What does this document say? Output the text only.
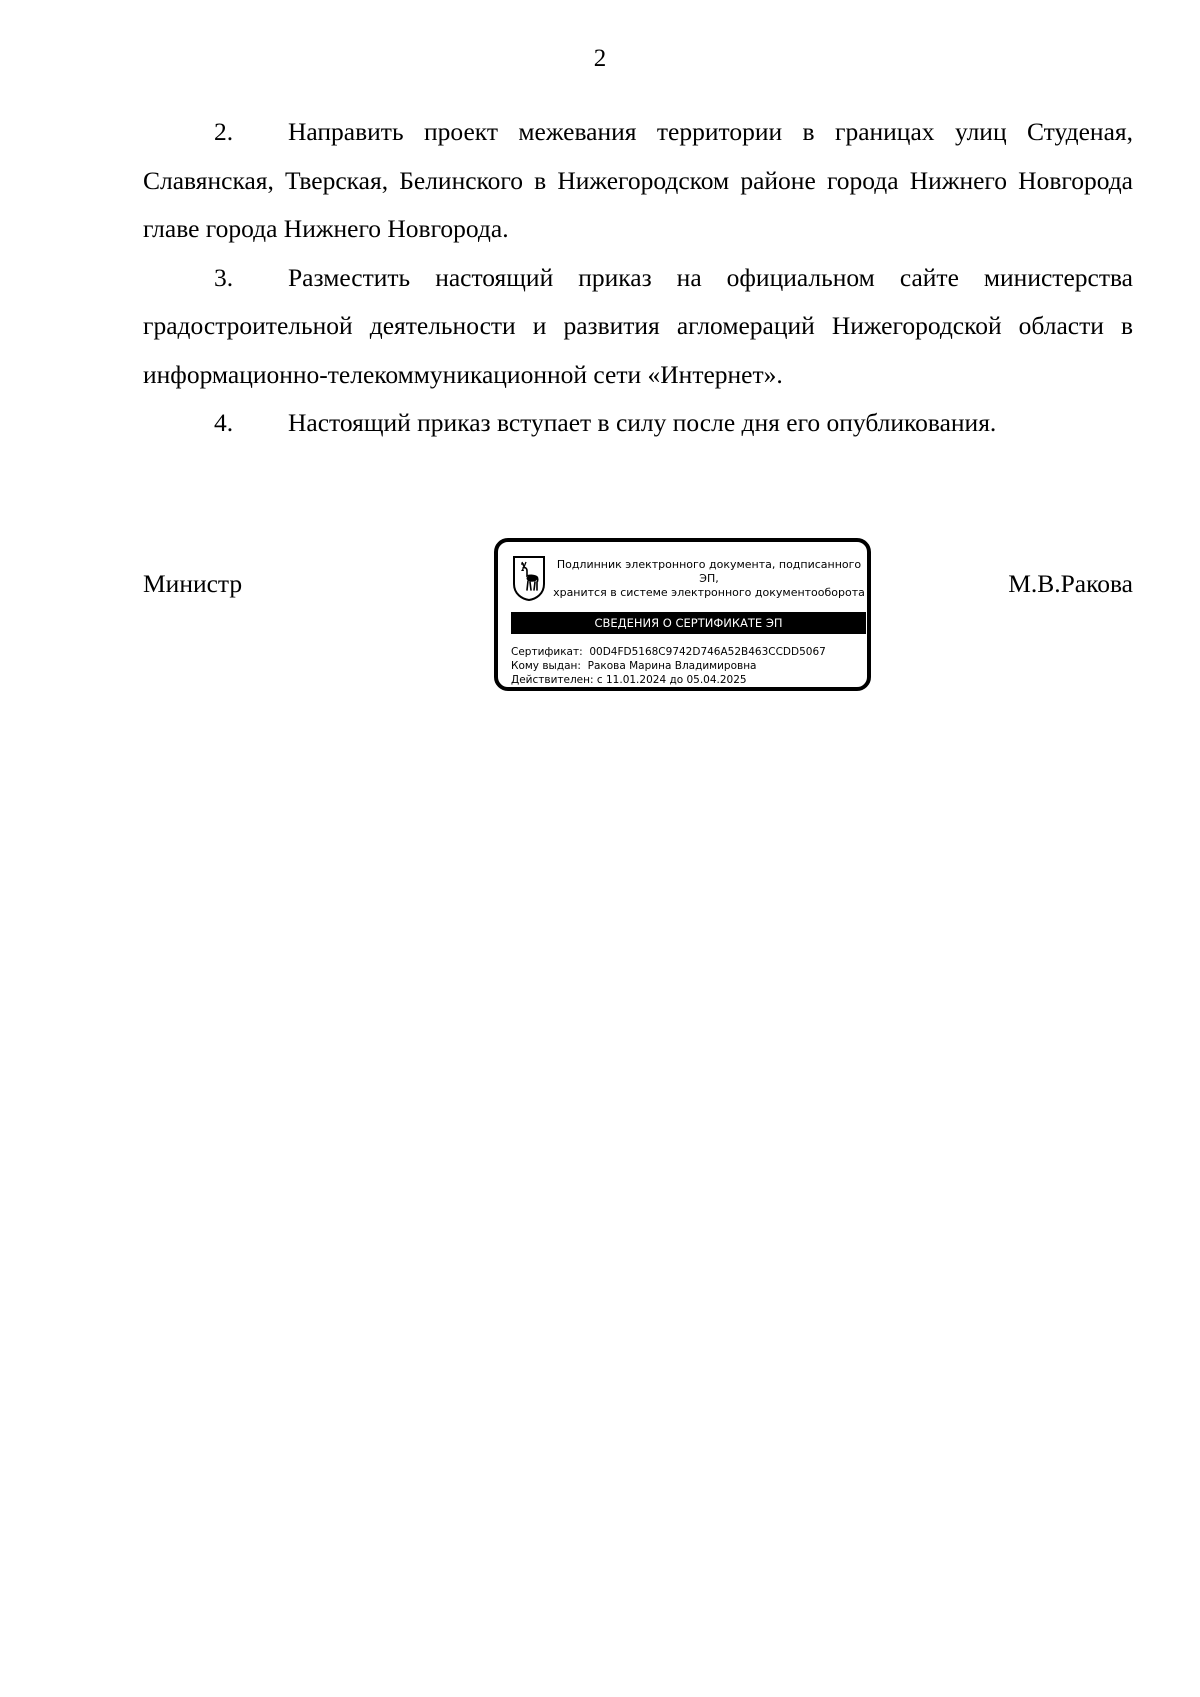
2

2. Направить проект межевания территории в границах улиц Студеная, Славянская, Тверская, Белинского в Нижегородском районе города Нижнего Новгорода главе города Нижнего Новгорода.

3. Разместить настоящий приказ на официальном сайте министерства градостроительной деятельности и развития агломераций Нижегородской области в информационно-телекоммуникационной сети «Интернет».

4. Настоящий приказ вступает в силу после дня его опубликования.

Министр
Подлинник электронного документа, подписанного ЭП,
хранится в системе электронного документооборота
СВЕДЕНИЯ О СЕРТИФИКАТЕ ЭП
Сертификат: 00D4FD5168C9742D746A52B463CCDD5067
Кому выдан: Ракова Марина Владимировна
Действителен: с 11.01.2024 до 05.04.2025
М.В.Ракова
